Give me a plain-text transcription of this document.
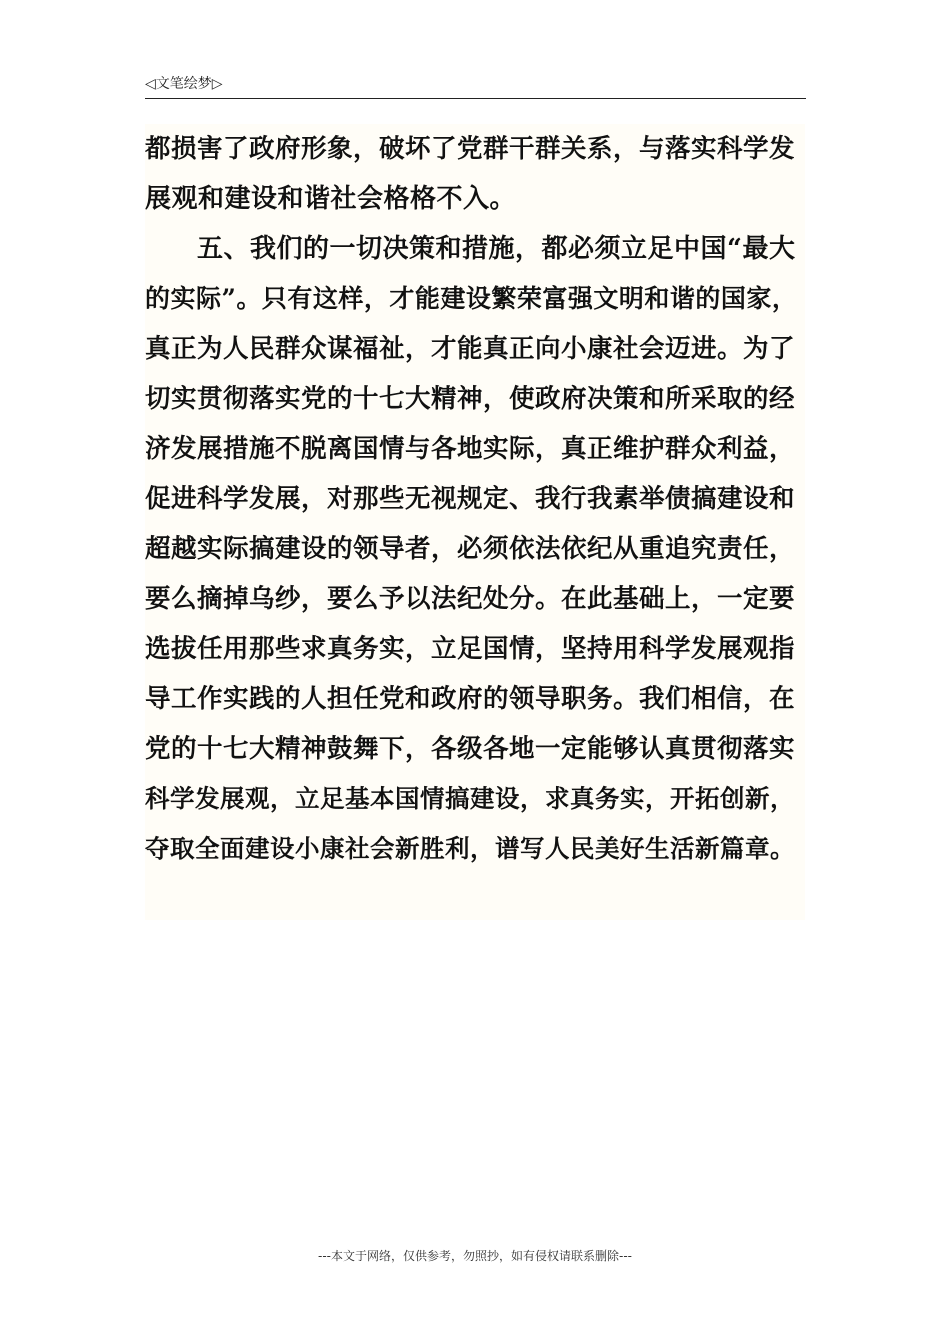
◁文笔绘梦▷
都损害了政府形象，破坏了党群干群关系，与落实科学发
展观和建设和谐社会格格不入。
五、我们的一切决策和措施，都必须立足中国“最大
的实际”。只有这样，才能建设繁荣富强文明和谐的国家，
真正为人民群众谋福祉，才能真正向小康社会迈进。为了
切实贯彻落实党的十七大精神，使政府决策和所采取的经
济发展措施不脱离国情与各地实际，真正维护群众利益，
促进科学发展，对那些无视规定、我行我素举债搞建设和
超越实际搞建设的领导者，必须依法依纪从重追究责任，
要么摘掉乌纱，要么予以法纪处分。在此基础上，一定要
选拔任用那些求真务实，立足国情，坚持用科学发展观指
导工作实践的人担任党和政府的领导职务。我们相信，在
党的十七大精神鼓舞下，各级各地一定能够认真贯彻落实
科学发展观，立足基本国情搞建设，求真务实，开拓创新，
夺取全面建设小康社会新胜利，谱写人民美好生活新篇章。
---本文于网络，仅供参考，勿照抄，如有侵权请联系删除---
